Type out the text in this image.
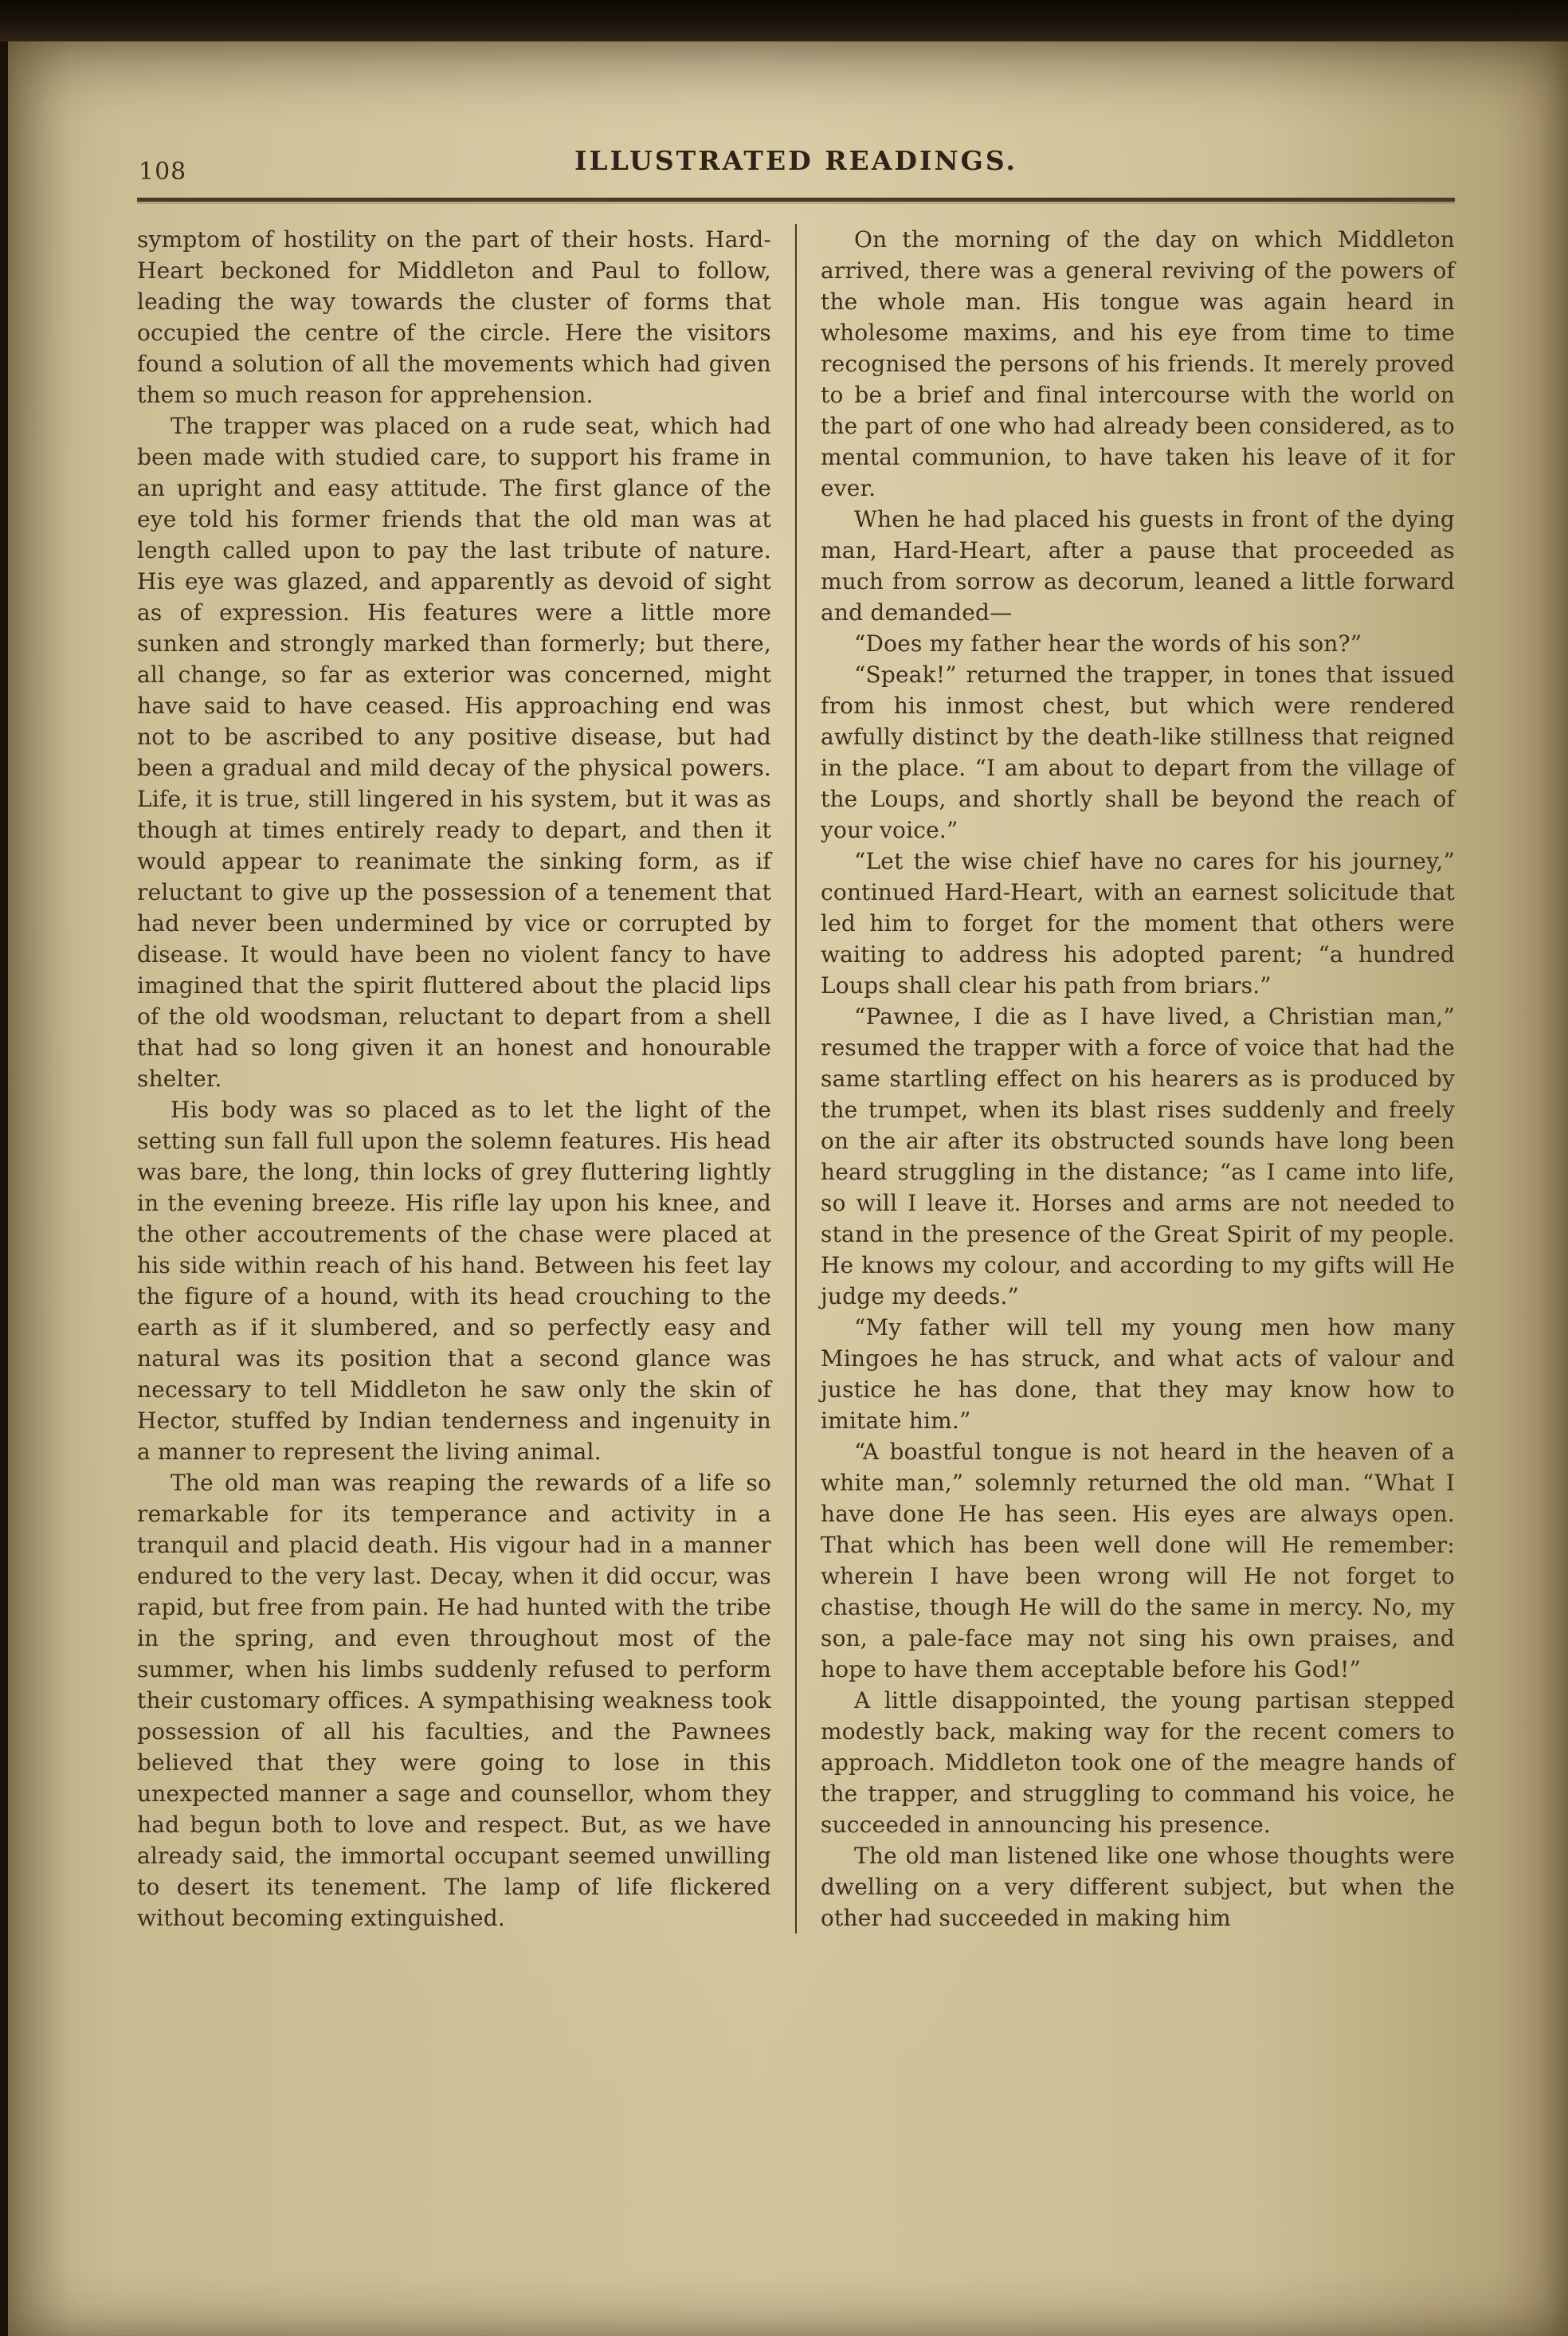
108	ILLUSTRATED READINGS.

symptom of hostility on the part of their hosts. Hard-Heart beckoned for Middleton and Paul to follow, leading the way towards the cluster of forms that occupied the centre of the circle. Here the visitors found a solution of all the movements which had given them so much reason for apprehension.

The trapper was placed on a rude seat, which had been made with studied care, to support his frame in an upright and easy attitude. The first glance of the eye told his former friends that the old man was at length called upon to pay the last tribute of nature. His eye was glazed, and apparently as devoid of sight as of expression. His features were a little more sunken and strongly marked than formerly; but there, all change, so far as exterior was concerned, might have said to have ceased. His approaching end was not to be ascribed to any positive disease, but had been a gradual and mild decay of the physical powers. Life, it is true, still lingered in his system, but it was as though at times entirely ready to depart, and then it would appear to reanimate the sinking form, as if reluctant to give up the possession of a tenement that had never been undermined by vice or corrupted by disease. It would have been no violent fancy to have imagined that the spirit fluttered about the placid lips of the old woodsman, reluctant to depart from a shell that had so long given it an honest and honourable shelter.

His body was so placed as to let the light of the setting sun fall full upon the solemn features. His head was bare, the long, thin locks of grey fluttering lightly in the evening breeze. His rifle lay upon his knee, and the other accoutrements of the chase were placed at his side within reach of his hand. Between his feet lay the figure of a hound, with its head crouching to the earth as if it slumbered, and so perfectly easy and natural was its position that a second glance was necessary to tell Middleton he saw only the skin of Hector, stuffed by Indian tenderness and ingenuity in a manner to represent the living animal.

The old man was reaping the rewards of a life so remarkable for its temperance and activity in a tranquil and placid death. His vigour had in a manner endured to the very last. Decay, when it did occur, was rapid, but free from pain. He had hunted with the tribe in the spring, and even throughout most of the summer, when his limbs suddenly refused to perform their customary offices. A sympathising weakness took possession of all his faculties, and the Pawnees believed that they were going to lose in this unexpected manner a sage and counsellor, whom they had begun both to love and respect. But, as we have already said, the immortal occupant seemed unwilling to desert its tenement. The lamp of life flickered without becoming extinguished.

On the morning of the day on which Middleton arrived, there was a general reviving of the powers of the whole man. His tongue was again heard in wholesome maxims, and his eye from time to time recognised the persons of his friends. It merely proved to be a brief and final intercourse with the world on the part of one who had already been considered, as to mental communion, to have taken his leave of it for ever.

When he had placed his guests in front of the dying man, Hard-Heart, after a pause that proceeded as much from sorrow as decorum, leaned a little forward and demanded—

“Does my father hear the words of his son?”

“Speak!” returned the trapper, in tones that issued from his inmost chest, but which were rendered awfully distinct by the death-like stillness that reigned in the place. “I am about to depart from the village of the Loups, and shortly shall be beyond the reach of your voice.”

“Let the wise chief have no cares for his journey,” continued Hard-Heart, with an earnest solicitude that led him to forget for the moment that others were waiting to address his adopted parent; “a hundred Loups shall clear his path from briars.”

“Pawnee, I die as I have lived, a Christian man,” resumed the trapper with a force of voice that had the same startling effect on his hearers as is produced by the trumpet, when its blast rises suddenly and freely on the air after its obstructed sounds have long been heard struggling in the distance; “as I came into life, so will I leave it. Horses and arms are not needed to stand in the presence of the Great Spirit of my people. He knows my colour, and according to my gifts will He judge my deeds.”

“My father will tell my young men how many Mingoes he has struck, and what acts of valour and justice he has done, that they may know how to imitate him.”

“A boastful tongue is not heard in the heaven of a white man,” solemnly returned the old man. “What I have done He has seen. His eyes are always open. That which has been well done will He remember: wherein I have been wrong will He not forget to chastise, though He will do the same in mercy. No, my son, a pale-face may not sing his own praises, and hope to have them acceptable before his God!”

A little disappointed, the young partisan stepped modestly back, making way for the recent comers to approach. Middleton took one of the meagre hands of the trapper, and struggling to command his voice, he succeeded in announcing his presence.

The old man listened like one whose thoughts were dwelling on a very different subject, but when the other had succeeded in making him
